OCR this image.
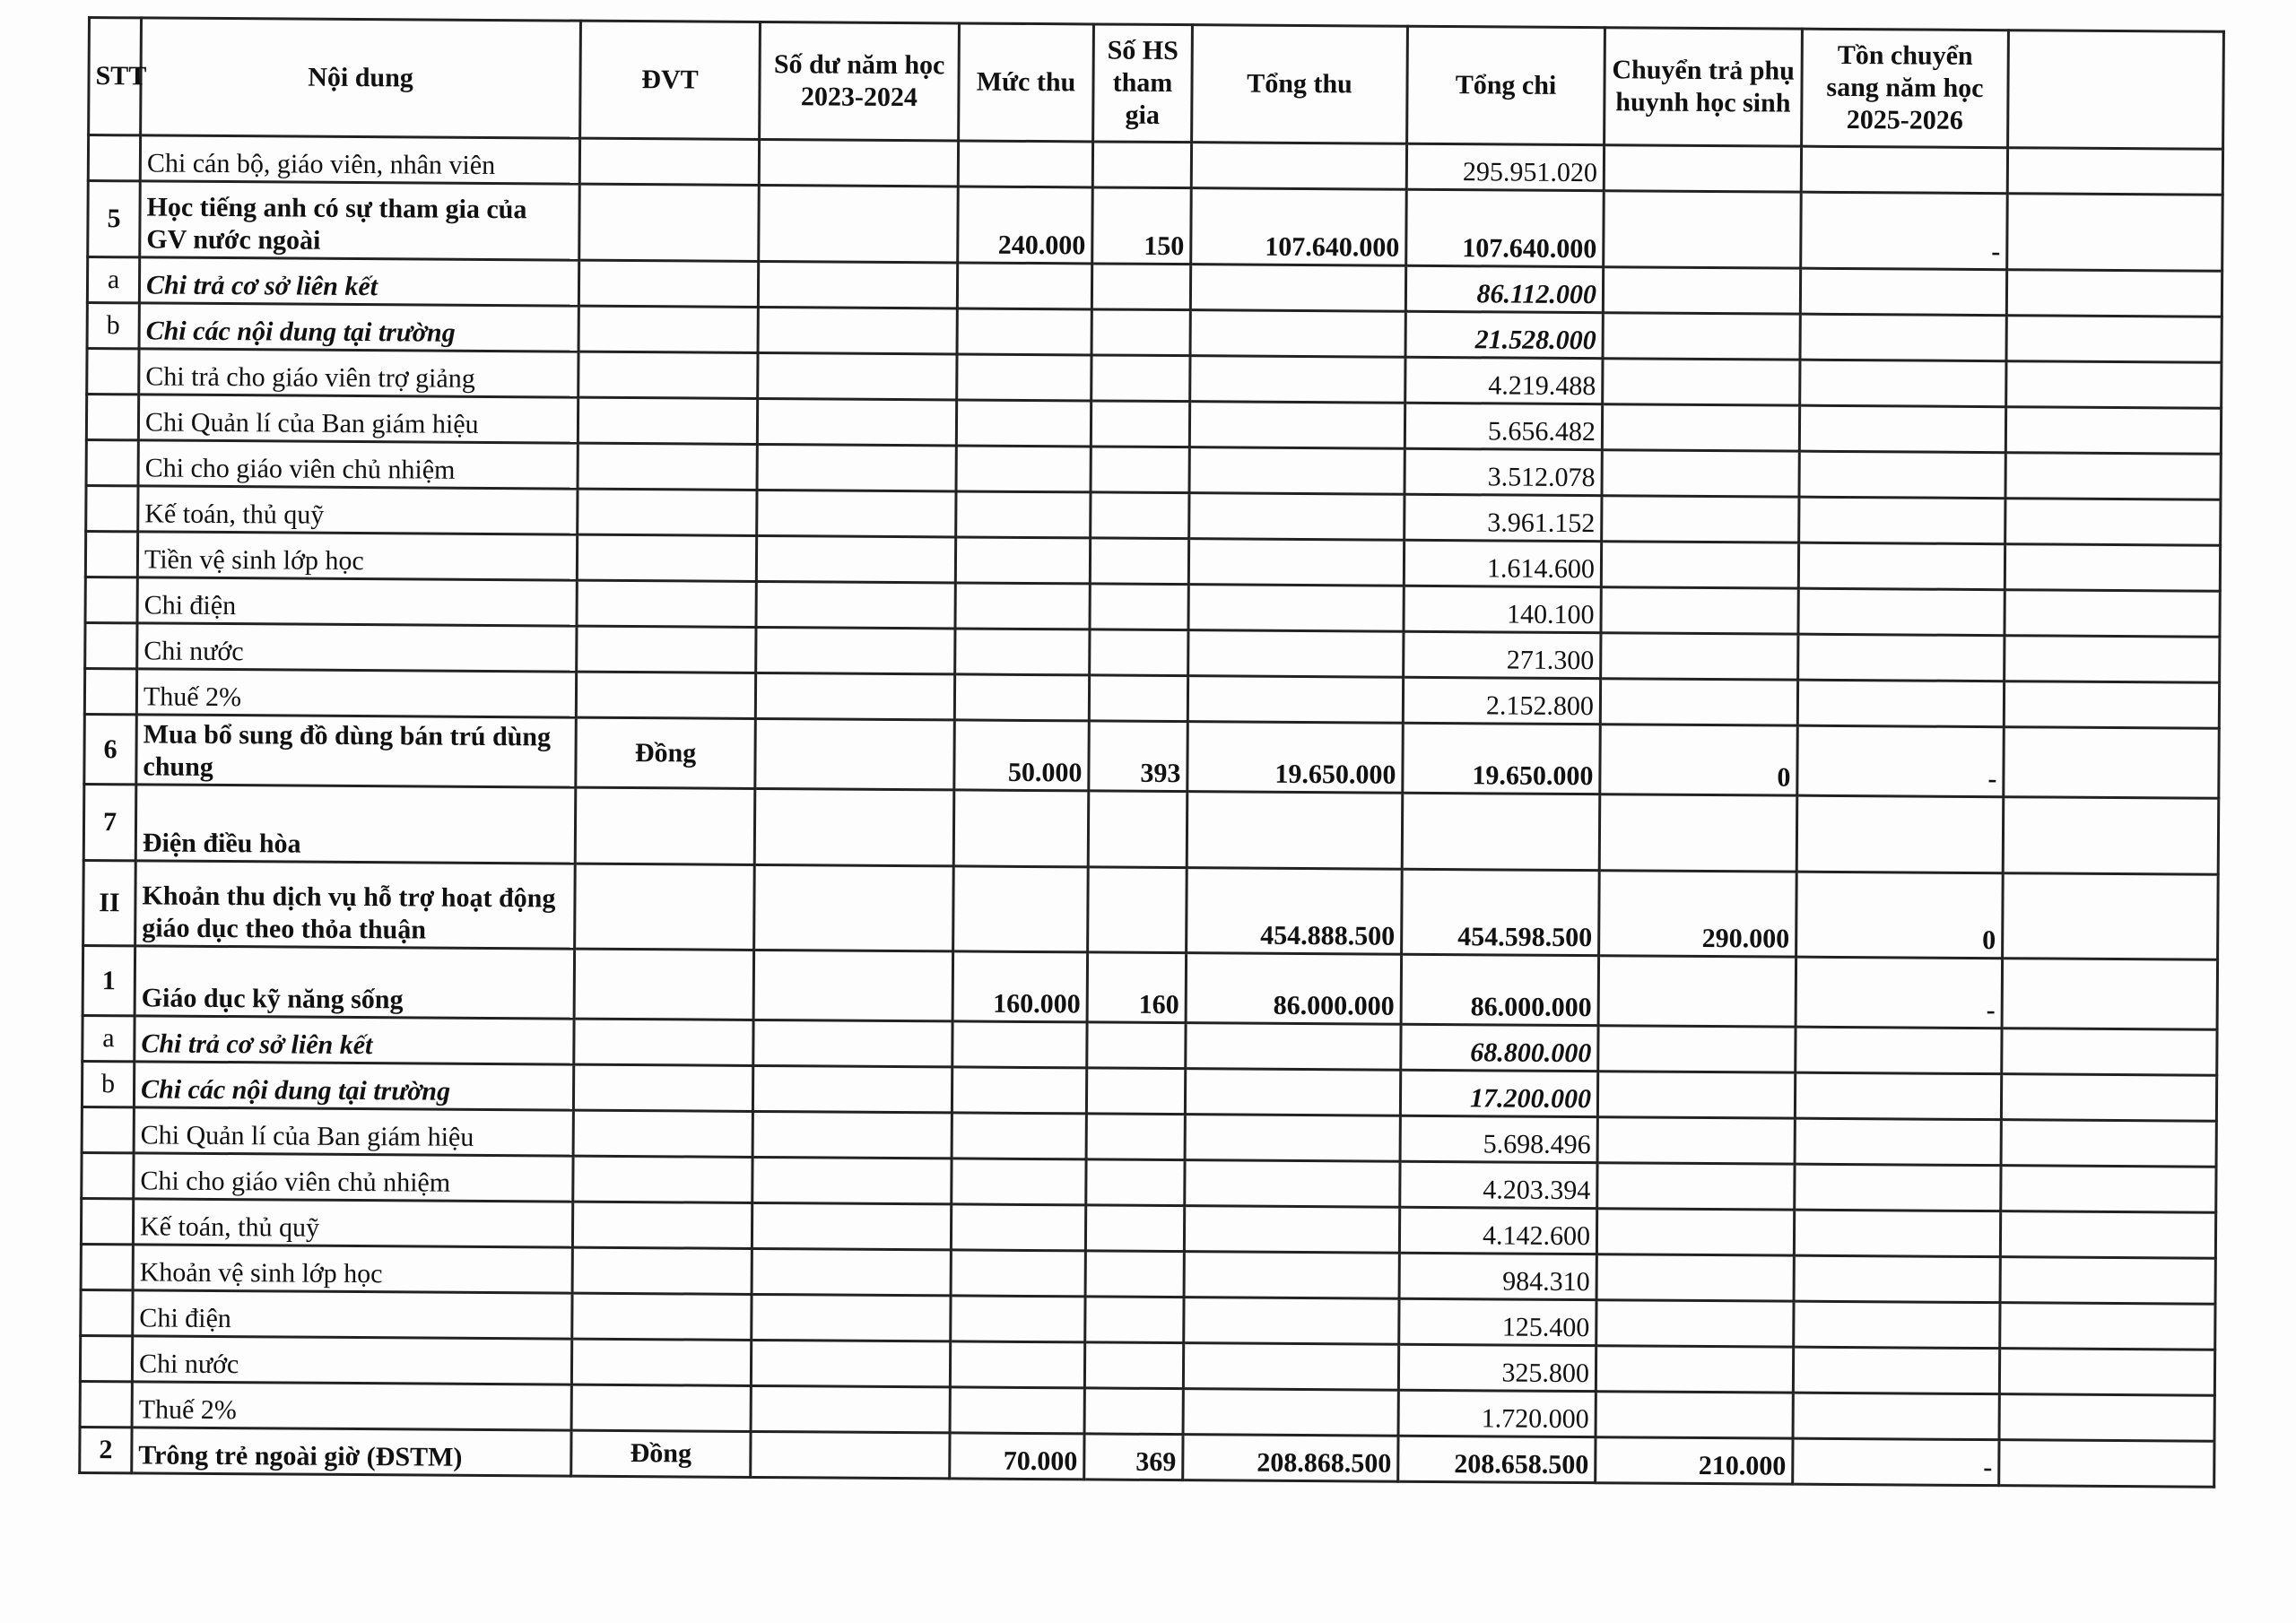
STT	Nội dung	ĐVT	Số dư năm học 2023-2024	Mức thu	Số HS tham gia	Tổng thu	Tổng chi	Chuyển trả phụ huynh học sinh	Tồn chuyển sang năm học 2025-2026	
	Chi cán bộ, giáo viên, nhân viên						295.951.020			
5	Học tiếng anh có sự tham gia của GV nước ngoài			240.000	150	107.640.000	107.640.000		-	
a	Chi trả cơ sở liên kết						86.112.000			
b	Chi các nội dung tại trường						21.528.000			
	Chi trả cho giáo viên trợ giảng						4.219.488			
	Chi Quản lí của Ban giám hiệu						5.656.482			
	Chi cho giáo viên chủ nhiệm						3.512.078			
	Kế toán, thủ quỹ						3.961.152			
	Tiền vệ sinh lớp học						1.614.600			
	Chi điện						140.100			
	Chi nước						271.300			
	Thuế 2%						2.152.800			
6	Mua bổ sung đồ dùng bán trú dùng chung	Đồng		50.000	393	19.650.000	19.650.000	0	-	
7	Điện điều hòa									
II	Khoản thu dịch vụ hỗ trợ hoạt động giáo dục theo thỏa thuận					454.888.500	454.598.500	290.000	0	
1	Giáo dục kỹ năng sống			160.000	160	86.000.000	86.000.000		-	
a	Chi trả cơ sở liên kết						68.800.000			
b	Chi các nội dung tại trường						17.200.000			
	Chi Quản lí của Ban giám hiệu						5.698.496			
	Chi cho giáo viên chủ nhiệm						4.203.394			
	Kế toán, thủ quỹ						4.142.600			
	Khoản vệ sinh lớp học						984.310			
	Chi điện						125.400			
	Chi nước						325.800			
	Thuế 2%						1.720.000			
2	Trông trẻ ngoài giờ (ĐSTM)	Đồng		70.000	369	208.868.500	208.658.500	210.000	-	
